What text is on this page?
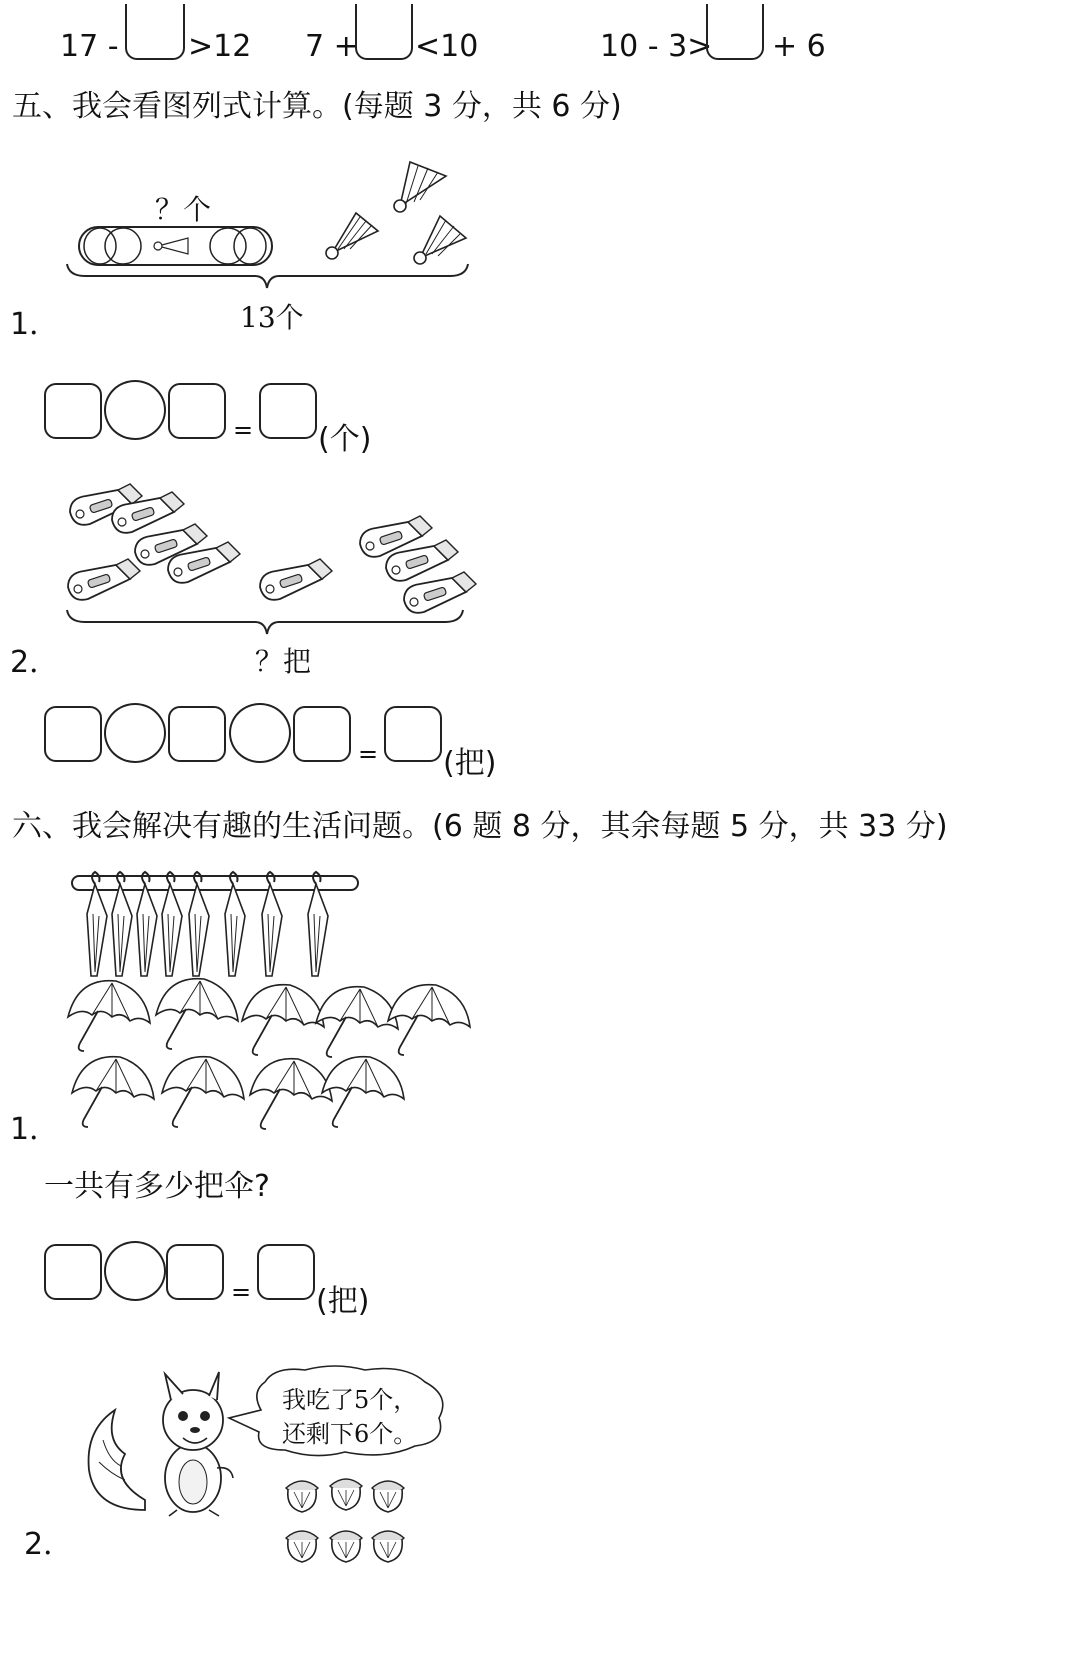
17 - >12 7 + <10	10 - 3> + 6
五、我会看图列式计算。(每题 3 分，共 6 分)
？个
13个
1．
= (个)
？把
2．
= (把)
六、我会解决有趣的生活问题。(6 题 8 分，其余每题 5 分，共 33 分)
1．
一共有多少把伞?
= (把)
我吃了5个，
还剩下6个。
2．
